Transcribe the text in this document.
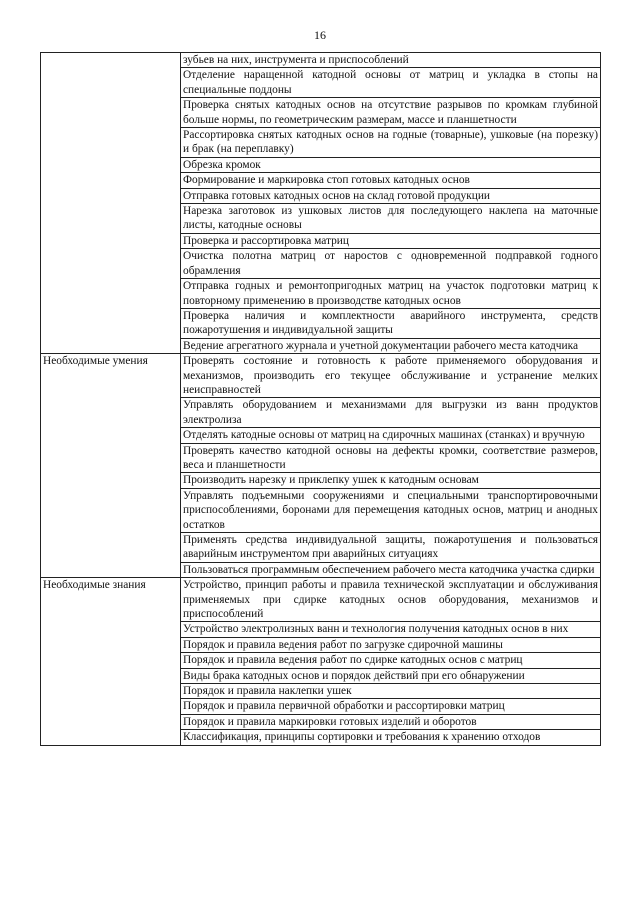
16
	зубьев на них, инструмента и приспособлений
	Отделение наращенной катодной основы от матриц и укладка в стопы на специальные поддоны
	Проверка снятых катодных основ на отсутствие разрывов по кромкам глубиной больше нормы, по геометрическим размерам, массе и планшетности
	Рассортировка снятых катодных основ на годные (товарные), ушковые (на порезку) и брак (на переплавку)
	Обрезка кромок
	Формирование и маркировка стоп готовых катодных основ
	Отправка готовых катодных основ на склад готовой продукции
	Нарезка заготовок из ушковых листов для последующего наклепа на маточные листы, катодные основы
	Проверка и рассортировка матриц
	Очистка полотна матриц от наростов с одновременной подправкой годного обрамления
	Отправка годных и ремонтопригодных матриц на участок подготовки матриц к повторному применению в производстве катодных основ
	Проверка наличия и комплектности аварийного инструмента, средств пожаротушения и индивидуальной защиты
	Ведение агрегатного журнала и учетной документации рабочего места катодчика
Необходимые умения	Проверять состояние и готовность к работе применяемого оборудования и механизмов, производить его текущее обслуживание и устранение мелких неисправностей
	Управлять оборудованием и механизмами для выгрузки из ванн продуктов электролиза
	Отделять катодные основы от матриц на сдирочных машинах (станках) и вручную
	Проверять качество катодной основы на дефекты кромки, соответствие размеров, веса и планшетности
	Производить нарезку и приклепку ушек к катодным основам
	Управлять подъемными сооружениями и специальными транспортировочными приспособлениями, боронами для перемещения катодных основ, матриц и анодных остатков
	Применять средства индивидуальной защиты, пожаротушения и пользоваться аварийным инструментом при аварийных ситуациях
	Пользоваться программным обеспечением рабочего места катодчика участка сдирки
Необходимые знания	Устройство, принцип работы и правила технической эксплуатации и обслуживания применяемых при сдирке катодных основ оборудования, механизмов и приспособлений
	Устройство электролизных ванн и технология получения катодных основ в них
	Порядок и правила ведения работ по загрузке сдирочной машины
	Порядок и правила ведения работ по сдирке катодных основ с матриц
	Виды брака катодных основ и порядок действий при его обнаружении
	Порядок и правила наклепки ушек
	Порядок и правила первичной обработки и рассортировки матриц
	Порядок и правила маркировки готовых изделий и оборотов
	Классификация, принципы сортировки и требования к хранению отходов
